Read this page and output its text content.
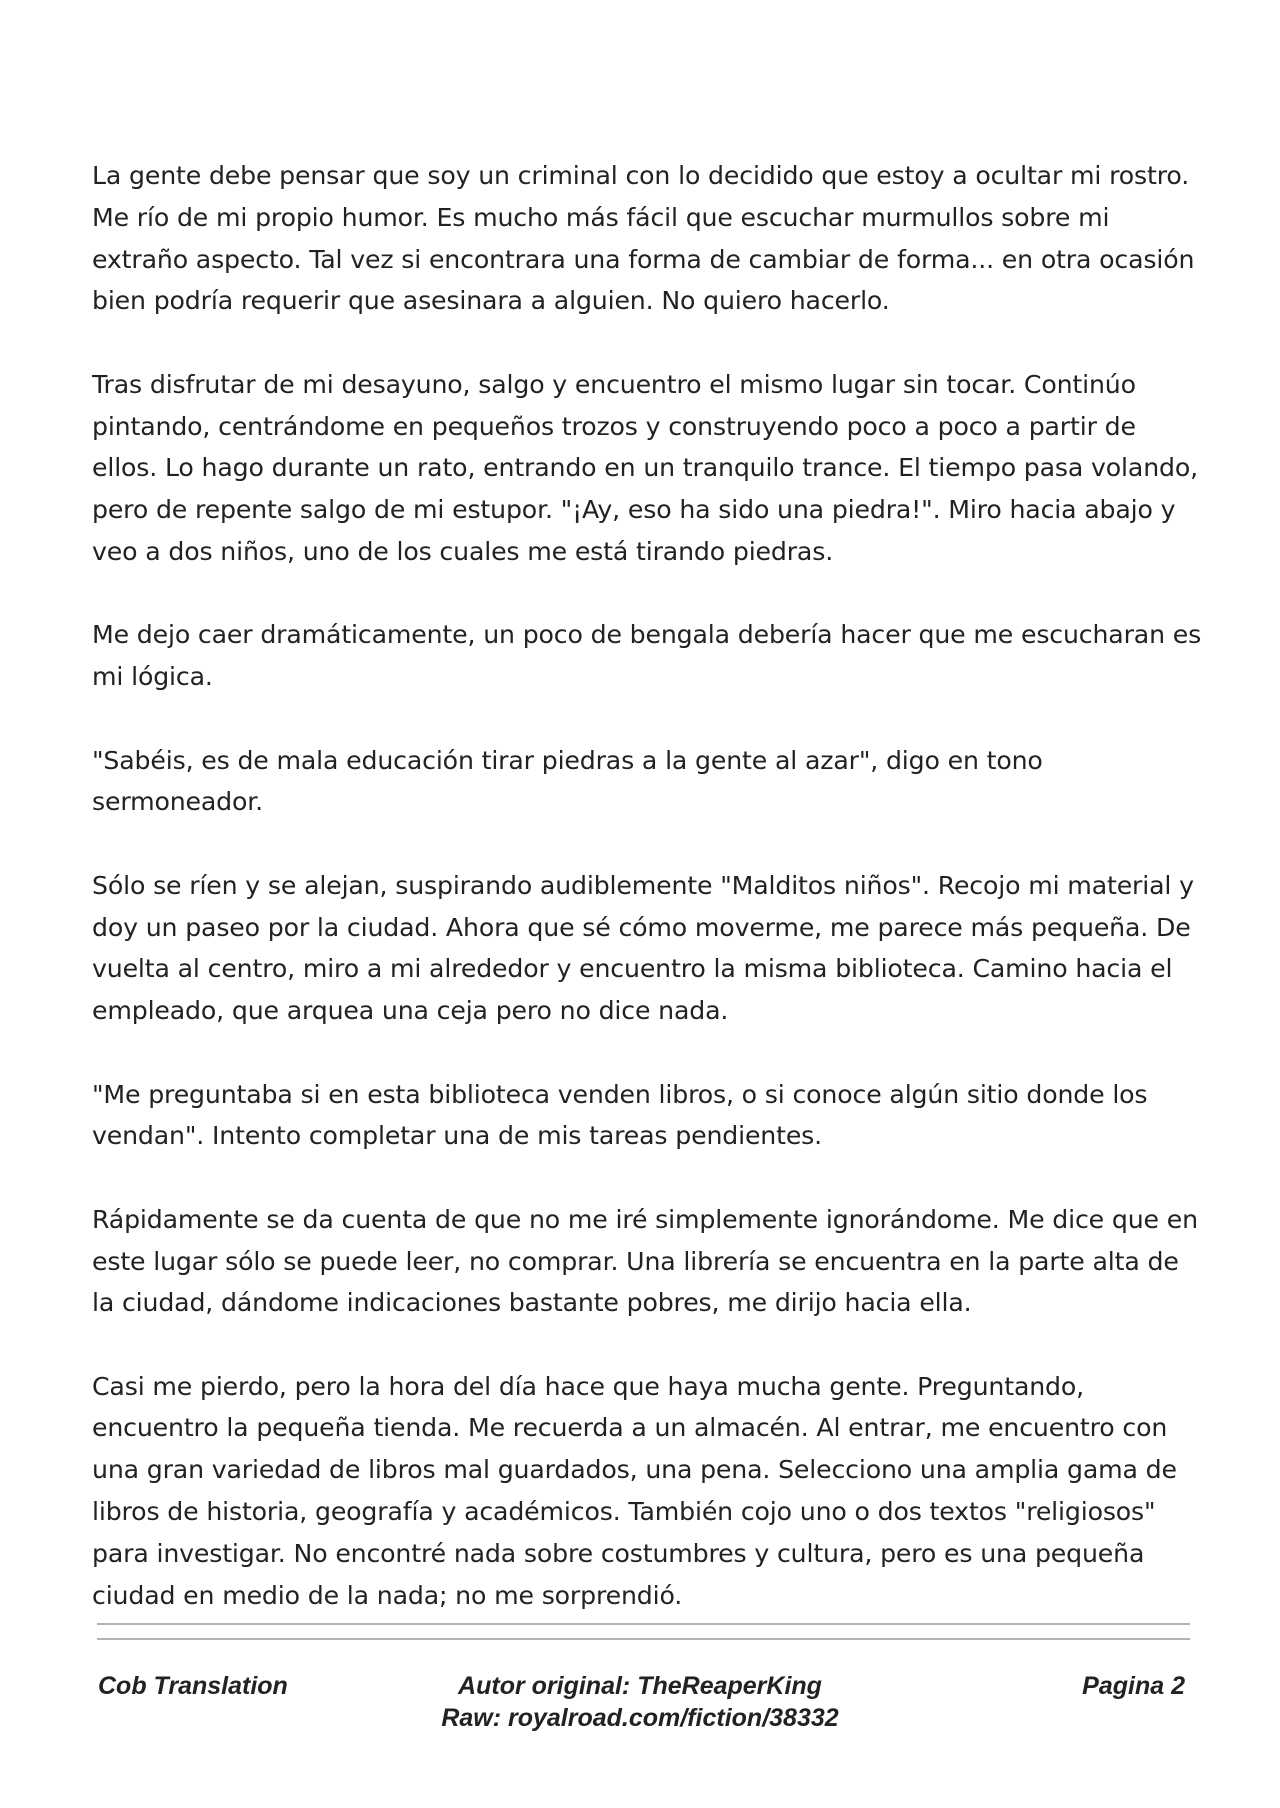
La gente debe pensar que soy un criminal con lo decidido que estoy a ocultar mi rostro. Me río de mi propio humor. Es mucho más fácil que escuchar murmullos sobre mi extraño aspecto. Tal vez si encontrara una forma de cambiar de forma... en otra ocasión bien podría requerir que asesinara a alguien. No quiero hacerlo.

Tras disfrutar de mi desayuno, salgo y encuentro el mismo lugar sin tocar. Continúo pintando, centrándome en pequeños trozos y construyendo poco a poco a partir de ellos. Lo hago durante un rato, entrando en un tranquilo trance. El tiempo pasa volando, pero de repente salgo de mi estupor. "¡Ay, eso ha sido una piedra!". Miro hacia abajo y veo a dos niños, uno de los cuales me está tirando piedras.

Me dejo caer dramáticamente, un poco de bengala debería hacer que me escucharan es mi lógica.

"Sabéis, es de mala educación tirar piedras a la gente al azar", digo en tono sermoneador.

Sólo se ríen y se alejan, suspirando audiblemente "Malditos niños". Recojo mi material y doy un paseo por la ciudad. Ahora que sé cómo moverme, me parece más pequeña. De vuelta al centro, miro a mi alrededor y encuentro la misma biblioteca. Camino hacia el empleado, que arquea una ceja pero no dice nada.

"Me preguntaba si en esta biblioteca venden libros, o si conoce algún sitio donde los vendan". Intento completar una de mis tareas pendientes.

Rápidamente se da cuenta de que no me iré simplemente ignorándome. Me dice que en este lugar sólo se puede leer, no comprar. Una librería se encuentra en la parte alta de la ciudad, dándome indicaciones bastante pobres, me dirijo hacia ella.

Casi me pierdo, pero la hora del día hace que haya mucha gente. Preguntando, encuentro la pequeña tienda. Me recuerda a un almacén. Al entrar, me encuentro con una gran variedad de libros mal guardados, una pena. Selecciono una amplia gama de libros de historia, geografía y académicos. También cojo uno o dos textos "religiosos" para investigar. No encontré nada sobre costumbres y cultura, pero es una pequeña ciudad en medio de la nada; no me sorprendió.

Cob Translation	Autor original: TheReaperKing
Raw: royalroad.com/fiction/38332
Pagina 2
